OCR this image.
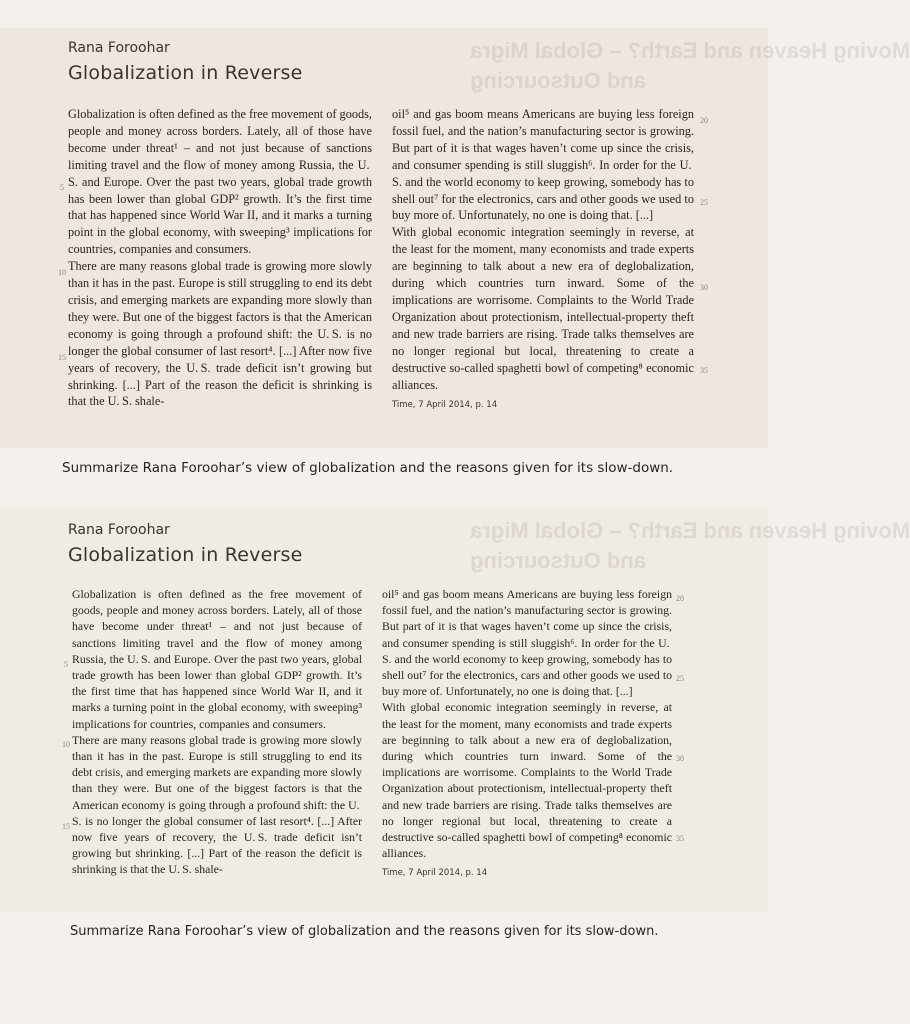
Moving Heaven and Earth? – Global Migra
and Outsourcing
Rana Foroohar
Globalization in Reverse

Globalization is often defined as the free movement of goods, people and money across borders. Lately, all of those have become under threat¹ – and not just because of sanctions limiting travel and the flow of money among Russia, the U. S. and Europe. Over the past two years, global trade growth has been lower than global GDP² growth. It’s the first time that has happened since World War II, and it marks a turning point in the global economy, with sweeping³ implications for countries, companies and consumers.

There are many reasons global trade is growing more slowly than it has in the past. Europe is still struggling to end its debt crisis, and emerging markets are expanding more slowly than they were. But one of the biggest factors is that the American economy is going through a profound shift: the U. S. is no longer the global consumer of last resort⁴. [...] After now five years of recovery, the U. S. trade deficit isn’t growing but shrinking. [...] Part of the reason the deficit is shrinking is that the U. S. shale-

oil⁵ and gas boom means Americans are buying less foreign fossil fuel, and the nation’s manufacturing sector is growing. But part of it is that wages haven’t come up since the crisis, and consumer spending is still sluggish⁶. In order for the U. S. and the world economy to keep growing, somebody has to shell out⁷ for the electronics, cars and other goods we used to buy more of. Unfortunately, no one is doing that. [...]

With global economic integration seemingly in reverse, at the least for the moment, many economists and trade experts are beginning to talk about a new era of deglobalization, during which countries turn inward. Some of the implications are worrisome. Complaints to the World Trade Organization about protectionism, intellectual-property theft and new trade barriers are rising. Trade talks themselves are no longer regional but local, threatening to create a destructive so-called spaghetti bowl of competing⁸ economic alliances.

Time, 7 April 2014, p. 14
5
10
15
20
25
30
35
Summarize Rana Foroohar’s view of globalization and the reasons given for its slow-down.
Moving Heaven and Earth? – Global Migra
and Outsourcing
Rana Foroohar
Globalization in Reverse

Globalization is often defined as the free movement of goods, people and money across borders. Lately, all of those have become under threat¹ – and not just because of sanctions limiting travel and the flow of money among Russia, the U. S. and Europe. Over the past two years, global trade growth has been lower than global GDP² growth. It’s the first time that has happened since World War II, and it marks a turning point in the global economy, with sweeping³ implications for countries, companies and consumers.

There are many reasons global trade is growing more slowly than it has in the past. Europe is still struggling to end its debt crisis, and emerging markets are expanding more slowly than they were. But one of the biggest factors is that the American economy is going through a profound shift: the U. S. is no longer the global consumer of last resort⁴. [...] After now five years of recovery, the U. S. trade deficit isn’t growing but shrinking. [...] Part of the reason the deficit is shrinking is that the U. S. shale-

oil⁵ and gas boom means Americans are buying less foreign fossil fuel, and the nation’s manufacturing sector is growing. But part of it is that wages haven’t come up since the crisis, and consumer spending is still sluggish⁶. In order for the U. S. and the world economy to keep growing, somebody has to shell out⁷ for the electronics, cars and other goods we used to buy more of. Unfortunately, no one is doing that. [...]

With global economic integration seemingly in reverse, at the least for the moment, many economists and trade experts are beginning to talk about a new era of deglobalization, during which countries turn inward. Some of the implications are worrisome. Complaints to the World Trade Organization about protectionism, intellectual-property theft and new trade barriers are rising. Trade talks themselves are no longer regional but local, threatening to create a destructive so-called spaghetti bowl of competing⁸ economic alliances.

Time, 7 April 2014, p. 14
5
10
15
20
25
30
35
Summarize Rana Foroohar’s view of globalization and the reasons given for its slow-down.
